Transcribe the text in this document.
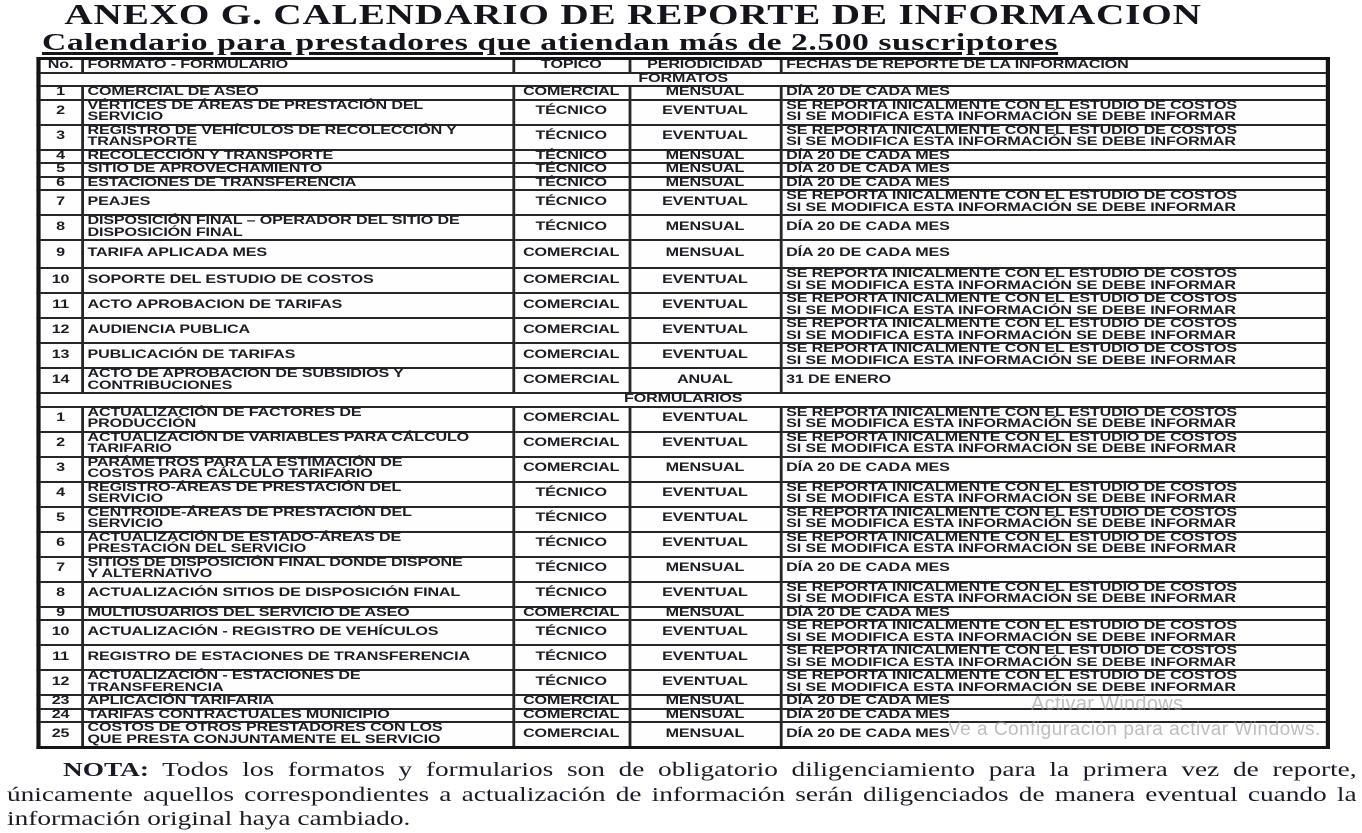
ANEXO G. CALENDARIO DE REPORTE DE INFORMACION
Calendario para prestadores que atiendan más de 2.500 suscriptores
No.	FORMATO - FORMULARIO	TÓPICO	PERIODICIDAD	FECHAS DE REPORTE DE LA INFORMACIÓN
FORMATOS				
1	COMERCIAL DE ASEO	COMERCIAL	MENSUAL	DÍA 20 DE CADA MES
2	VÉRTICES DE ÁREAS DE PRESTACIÓN DEL SERVICIO	TÉCNICO	EVENTUAL	SE REPORTA INICALMENTE CON EL ESTUDIO DE COSTOS SI SE MODIFICA ESTA INFORMACIÓN SE DEBE INFORMAR
3	REGISTRO DE VEHÍCULOS DE RECOLECCIÓN Y TRANSPORTE	TÉCNICO	EVENTUAL	SE REPORTA INICALMENTE CON EL ESTUDIO DE COSTOS SI SE MODIFICA ESTA INFORMACIÓN SE DEBE INFORMAR
4	RECOLECCIÓN Y TRANSPORTE	TÉCNICO	MENSUAL	DÍA 20 DE CADA MES
5	SITIO DE APROVECHAMIENTO	TÉCNICO	MENSUAL	DÍA 20 DE CADA MES
6	ESTACIONES DE TRANSFERENCIA	TÉCNICO	MENSUAL	DÍA 20 DE CADA MES
7	PEAJES	TÉCNICO	EVENTUAL	SE REPORTA INICALMENTE CON EL ESTUDIO DE COSTOS SI SE MODIFICA ESTA INFORMACIÓN SE DEBE INFORMAR
8	DISPOSICIÓN FINAL – OPERADOR DEL SITIO DE DISPOSICIÓN FINAL	TÉCNICO	MENSUAL	DÍA 20 DE CADA MES
9	TARIFA APLICADA MES	COMERCIAL	MENSUAL	DÍA 20 DE CADA MES
10	SOPORTE DEL ESTUDIO DE COSTOS	COMERCIAL	EVENTUAL	SE REPORTA INICALMENTE CON EL ESTUDIO DE COSTOS SI SE MODIFICA ESTA INFORMACIÓN SE DEBE INFORMAR
11	ACTO APROBACION DE TARIFAS	COMERCIAL	EVENTUAL	SE REPORTA INICALMENTE CON EL ESTUDIO DE COSTOS SI SE MODIFICA ESTA INFORMACIÓN SE DEBE INFORMAR
12	AUDIENCIA PUBLICA	COMERCIAL	EVENTUAL	SE REPORTA INICALMENTE CON EL ESTUDIO DE COSTOS SI SE MODIFICA ESTA INFORMACIÓN SE DEBE INFORMAR
13	PUBLICACIÓN DE TARIFAS	COMERCIAL	EVENTUAL	SE REPORTA INICALMENTE CON EL ESTUDIO DE COSTOS SI SE MODIFICA ESTA INFORMACIÓN SE DEBE INFORMAR
14	ACTO DE APROBACION DE SUBSIDIOS Y CONTRIBUCIONES	COMERCIAL	ANUAL	31 DE ENERO
FORMULARIOS				
1	ACTUALIZACIÓN DE FACTORES DE PRODUCCIÓN	COMERCIAL	EVENTUAL	SE REPORTA INICALMENTE CON EL ESTUDIO DE COSTOS SI SE MODIFICA ESTA INFORMACIÓN SE DEBE INFORMAR
2	ACTUALIZACIÓN DE VARIABLES PARA CÁLCULO TARIFARIO	COMERCIAL	EVENTUAL	SE REPORTA INICALMENTE CON EL ESTUDIO DE COSTOS SI SE MODIFICA ESTA INFORMACIÓN SE DEBE INFORMAR
3	PARÁMETROS PARA LA ESTIMACIÓN DE COSTOS PARA CÁLCULO TARIFARIO	COMERCIAL	MENSUAL	DÍA 20 DE CADA MES
4	REGISTRO-ÁREAS DE PRESTACIÓN DEL SERVICIO	TÉCNICO	EVENTUAL	SE REPORTA INICALMENTE CON EL ESTUDIO DE COSTOS SI SE MODIFICA ESTA INFORMACIÓN SE DEBE INFORMAR
5	CENTROIDE-ÁREAS DE PRESTACIÓN DEL SERVICIO	TÉCNICO	EVENTUAL	SE REPORTA INICALMENTE CON EL ESTUDIO DE COSTOS SI SE MODIFICA ESTA INFORMACIÓN SE DEBE INFORMAR
6	ACTUALIZACIÓN DE ESTADO-ÁREAS DE PRESTACIÓN DEL SERVICIO	TÉCNICO	EVENTUAL	SE REPORTA INICALMENTE CON EL ESTUDIO DE COSTOS SI SE MODIFICA ESTA INFORMACIÓN SE DEBE INFORMAR
7	SITIOS DE DISPOSICIÓN FINAL DONDE DISPONE Y ALTERNATIVO	TÉCNICO	MENSUAL	DÍA 20 DE CADA MES
8	ACTUALIZACIÓN SITIOS DE DISPOSICIÓN FINAL	TÉCNICO	EVENTUAL	SE REPORTA INICALMENTE CON EL ESTUDIO DE COSTOS SI SE MODIFICA ESTA INFORMACIÓN SE DEBE INFORMAR
9	MULTIUSUARIOS DEL SERVICIO DE ASEO	COMERCIAL	MENSUAL	DÍA 20 DE CADA MES
10	ACTUALIZACIÓN - REGISTRO DE VEHÍCULOS	TÉCNICO	EVENTUAL	SE REPORTA INICALMENTE CON EL ESTUDIO DE COSTOS SI SE MODIFICA ESTA INFORMACIÓN SE DEBE INFORMAR
11	REGISTRO DE ESTACIONES DE TRANSFERENCIA	TÉCNICO	EVENTUAL	SE REPORTA INICALMENTE CON EL ESTUDIO DE COSTOS SI SE MODIFICA ESTA INFORMACIÓN SE DEBE INFORMAR
12	ACTUALIZACIÓN - ESTACIONES DE TRANSFERENCIA	TÉCNICO	EVENTUAL	SE REPORTA INICALMENTE CON EL ESTUDIO DE COSTOS SI SE MODIFICA ESTA INFORMACIÓN SE DEBE INFORMAR
23	APLICACIÓN TARIFARIA	COMERCIAL	MENSUAL	DÍA 20 DE CADA MES
24	TARIFAS CONTRACTUALES MUNICIPIO	COMERCIAL	MENSUAL	DÍA 20 DE CADA MES
25	COSTOS DE OTROS PRESTADORES CON LOS QUE PRESTA CONJUNTAMENTE EL SERVICIO	COMERCIAL	MENSUAL	DÍA 20 DE CADA MES

NOTA: Todos los formatos y formularios son de obligatorio diligenciamiento para la primera vez de reporte, únicamente aquellos correspondientes a actualización de información serán diligenciados de manera eventual cuando la información original haya cambiado.

Activar Windows
Ve a Configuración para activar Windows.
